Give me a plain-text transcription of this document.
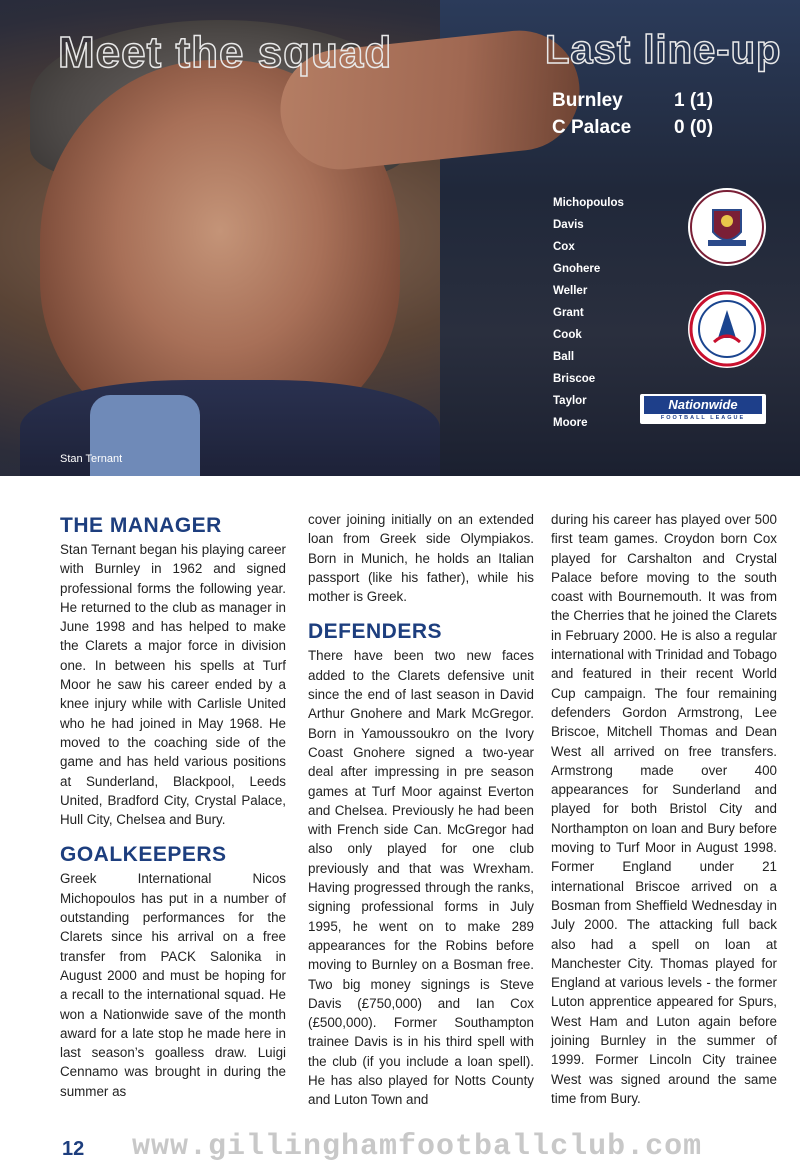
Meet the squad	Last line-up
Burnley	1 (1)
C Palace 0 (0)
Michopoulos
Davis
Cox
Gnohere
Weller
Grant
Cook
Ball
Briscoe
Taylor
Moore
Nationwide
FOOTBALL LEAGUE
Stan Ternant
THE MANAGER

Stan Ternant began his playing career with Burnley in 1962 and signed professional forms the following year. He returned to the club as manager in June 1998 and has helped to make the Clarets a major force in division one. In between his spells at Turf Moor he saw his career ended by a knee injury while with Carlisle United who he had joined in May 1968. He moved to the coaching side of the game and has held various positions at Sunderland, Blackpool, Leeds United, Bradford City, Crystal Palace, Hull City, Chelsea and Bury.

GOALKEEPERS

Greek International Nicos Michopoulos has put in a number of outstanding performances for the Clarets since his arrival on a free transfer from PACK Salonika in August 2000 and must be hoping for a recall to the international squad. He won a Nationwide save of the month award for a late stop he made here in last season’s goalless draw. Luigi Cennamo was brought in during the summer as

cover joining initially on an extended loan from Greek side Olympiakos. Born in Munich, he holds an Italian passport (like his father), while his mother is Greek.

DEFENDERS

There have been two new faces added to the Clarets defensive unit since the end of last season in David Arthur Gnohere and Mark McGregor. Born in Yamoussoukro on the Ivory Coast Gnohere signed a two-year deal after impressing in pre season games at Turf Moor against Everton and Chelsea. Previously he had been with French side Can. McGregor had also only played for one club previously and that was Wrexham. Having progressed through the ranks, signing professional forms in July 1995, he went on to make 289 appearances for the Robins before moving to Burnley on a Bosman free. Two big money signings is Steve Davis (£750,000) and Ian Cox (£500,000). Former Southampton trainee Davis is in his third spell with the club (if you include a loan spell). He has also played for Notts County and Luton Town and

during his career has played over 500 first team games. Croydon born Cox played for Carshalton and Crystal Palace before moving to the south coast with Bournemouth. It was from the Cherries that he joined the Clarets in February 2000. He is also a regular international with Trinidad and Tobago and featured in their recent World Cup campaign. The four remaining defenders Gordon Armstrong, Lee Briscoe, Mitchell Thomas and Dean West all arrived on free transfers. Armstrong made over 400 appearances for Sunderland and played for both Bristol City and Northampton on loan and Bury before moving to Turf Moor in August 1998. Former England under 21 international Briscoe arrived on a Bosman from Sheffield Wednesday in July 2000. The attacking full back also had a spell on loan at Manchester City. Thomas played for England at various levels - the former Luton apprentice appeared for Spurs, West Ham and Luton again before joining Burnley in the summer of 1999. Former Lincoln City trainee West was signed around the same time from Bury.

12 www.gillinghamfootballclub.com
